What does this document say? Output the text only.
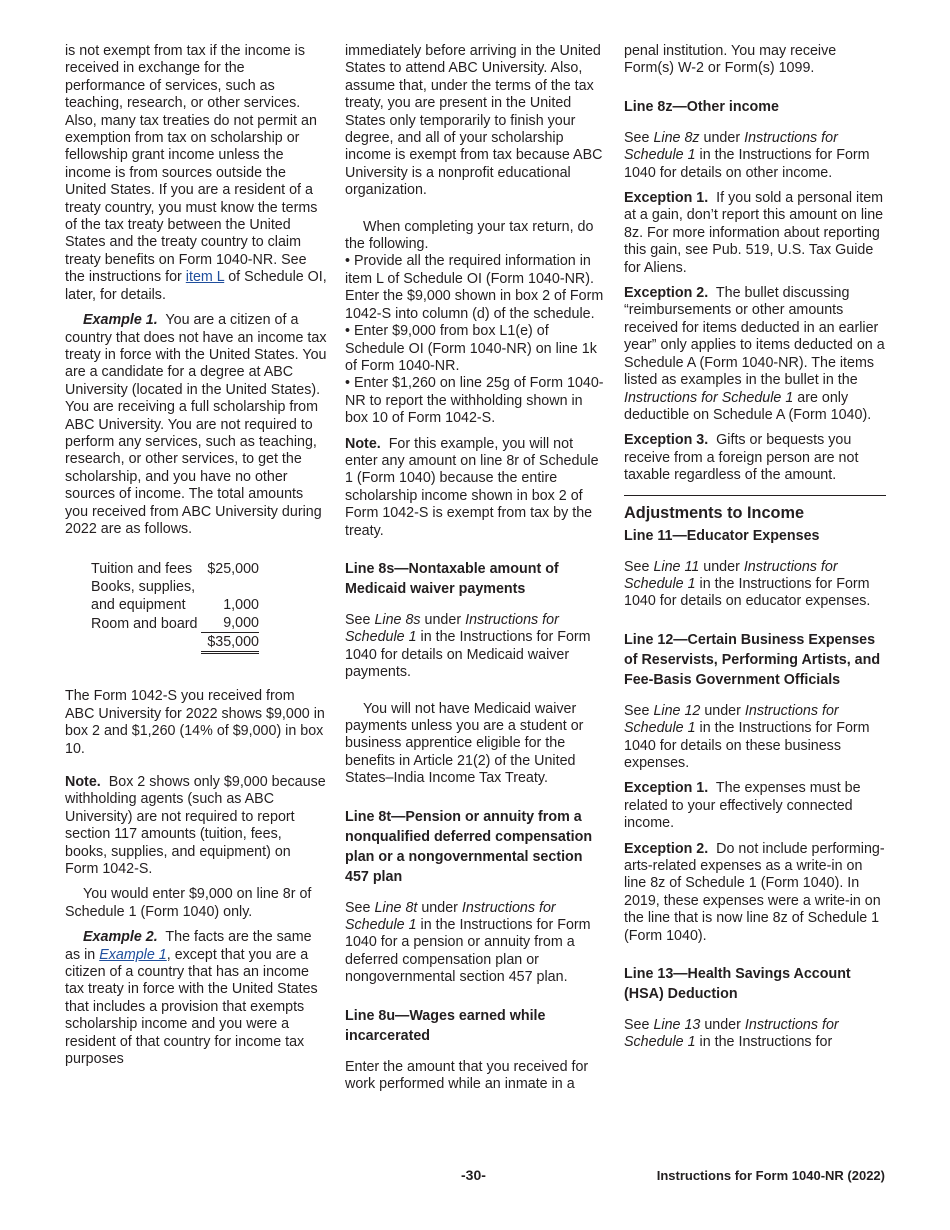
is not exempt from tax if the income is received in exchange for the performance of services, such as teaching, research, or other services. Also, many tax treaties do not permit an exemption from tax on scholarship or fellowship grant income unless the income is from sources outside the United States. If you are a resident of a treaty country, you must know the terms of the tax treaty between the United States and the treaty country to claim treaty benefits on Form 1040-NR. See the instructions for item L of Schedule OI, later, for details.

Example 1. You are a citizen of a country that does not have an income tax treaty in force with the United States. You are a candidate for a degree at ABC University (located in the United States). You are receiving a full scholarship from ABC University. You are not required to perform any services, such as teaching, research, or other services, to get the scholarship, and you have no other sources of income. The total amounts you received from ABC University during 2022 are as follows.

Tuition and fees	$25,000
Books, supplies, and equipment	1,000
Room and board	9,000
	$35,000

The Form 1042-S you received from ABC University for 2022 shows $9,000 in box 2 and $1,260 (14% of $9,000) in box 10.

Note. Box 2 shows only $9,000 because withholding agents (such as ABC University) are not required to report section 117 amounts (tuition, fees, books, supplies, and equipment) on Form 1042-S.

You would enter $9,000 on line 8r of Schedule 1 (Form 1040) only.

Example 2. The facts are the same as in Example 1, except that you are a citizen of a country that has an income tax treaty in force with the United States that includes a provision that exempts scholarship income and you were a resident of that country for income tax purposes

immediately before arriving in the United States to attend ABC University. Also, assume that, under the terms of the tax treaty, you are present in the United States only temporarily to finish your degree, and all of your scholarship income is exempt from tax because ABC University is a nonprofit educational organization.

When completing your tax return, do the following.

• Provide all the required information in item L of Schedule OI (Form 1040-NR). Enter the $9,000 shown in box 2 of Form 1042-S into column (d) of the schedule.

• Enter $9,000 from box L1(e) of Schedule OI (Form 1040-NR) on line 1k of Form 1040-NR.

• Enter $1,260 on line 25g of Form 1040-NR to report the withholding shown in box 10 of Form 1042-S.

Note. For this example, you will not enter any amount on line 8r of Schedule 1 (Form 1040) because the entire scholarship income shown in box 2 of Form 1042-S is exempt from tax by the treaty.

Line 8s—Nontaxable amount of Medicaid waiver payments

See Line 8s under Instructions for Schedule 1 in the Instructions for Form 1040 for details on Medicaid waiver payments.

You will not have Medicaid waiver payments unless you are a student or business apprentice eligible for the benefits in Article 21(2) of the United States–India Income Tax Treaty.

Line 8t—Pension or annuity from a nonqualified deferred compensation plan or a nongovernmental section 457 plan

See Line 8t under Instructions for Schedule 1 in the Instructions for Form 1040 for a pension or annuity from a deferred compensation plan or nongovernmental section 457 plan.

Line 8u—Wages earned while incarcerated

Enter the amount that you received for work performed while an inmate in a

penal institution. You may receive Form(s) W-2 or Form(s) 1099.

Line 8z—Other income

See Line 8z under Instructions for Schedule 1 in the Instructions for Form 1040 for details on other income.

Exception 1. If you sold a personal item at a gain, don’t report this amount on line 8z. For more information about reporting this gain, see Pub. 519, U.S. Tax Guide for Aliens.

Exception 2. The bullet discussing “reimbursements or other amounts received for items deducted in an earlier year” only applies to items deducted on a Schedule A (Form 1040-NR). The items listed as examples in the bullet in the Instructions for Schedule 1 are only deductible on Schedule A (Form 1040).

Exception 3. Gifts or bequests you receive from a foreign person are not taxable regardless of the amount.

Adjustments to Income
Line 11—Educator Expenses

See Line 11 under Instructions for Schedule 1 in the Instructions for Form 1040 for details on educator expenses.

Line 12—Certain Business Expenses of Reservists, Performing Artists, and Fee-Basis Government Officials

See Line 12 under Instructions for Schedule 1 in the Instructions for Form 1040 for details on these business expenses.

Exception 1. The expenses must be related to your effectively connected income.

Exception 2. Do not include performing-arts-related expenses as a write-in on line 8z of Schedule 1 (Form 1040). In 2019, these expenses were a write-in on the line that is now line 8z of Schedule 1 (Form 1040).

Line 13—Health Savings Account (HSA) Deduction

See Line 13 under Instructions for Schedule 1 in the Instructions for

-30-	Instructions for Form 1040-NR (2022)
